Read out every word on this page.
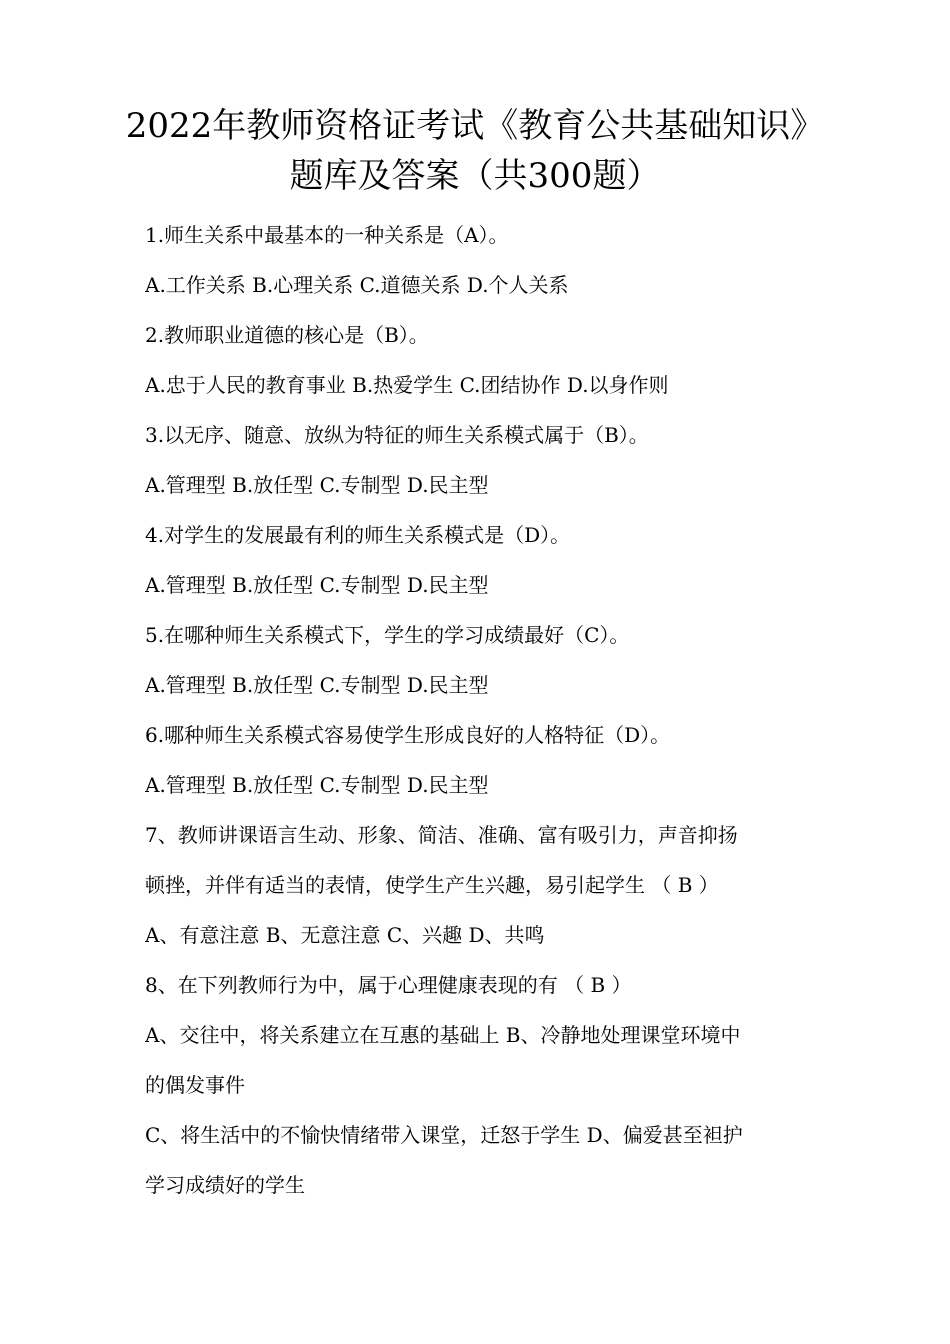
2022年教师资格证考试《教育公共基础知识》
题库及答案（共300题）
1.师生关系中最基本的一种关系是（A）。
A.工作关系 B.心理关系 C.道德关系 D.个人关系
2.教师职业道德的核心是（B）。
A.忠于人民的教育事业 B.热爱学生 C.团结协作 D.以身作则
3.以无序、随意、放纵为特征的师生关系模式属于（B）。
A.管理型 B.放任型 C.专制型 D.民主型
4.对学生的发展最有利的师生关系模式是（D）。
A.管理型 B.放任型 C.专制型 D.民主型
5.在哪种师生关系模式下，学生的学习成绩最好（C）。
A.管理型 B.放任型 C.专制型 D.民主型
6.哪种师生关系模式容易使学生形成良好的人格特征（D）。
A.管理型 B.放任型 C.专制型 D.民主型
7、教师讲课语言生动、形象、简洁、准确、富有吸引力，声音抑扬
顿挫，并伴有适当的表情，使学生产生兴趣，易引起学生 （ B ）
A、有意注意 B、无意注意 C、兴趣 D、共鸣
8、在下列教师行为中，属于心理健康表现的有 （ B ）
A、交往中，将关系建立在互惠的基础上 B、冷静地处理课堂环境中
的偶发事件
C、将生活中的不愉快情绪带入课堂，迁怒于学生 D、偏爱甚至袒护
学习成绩好的学生
